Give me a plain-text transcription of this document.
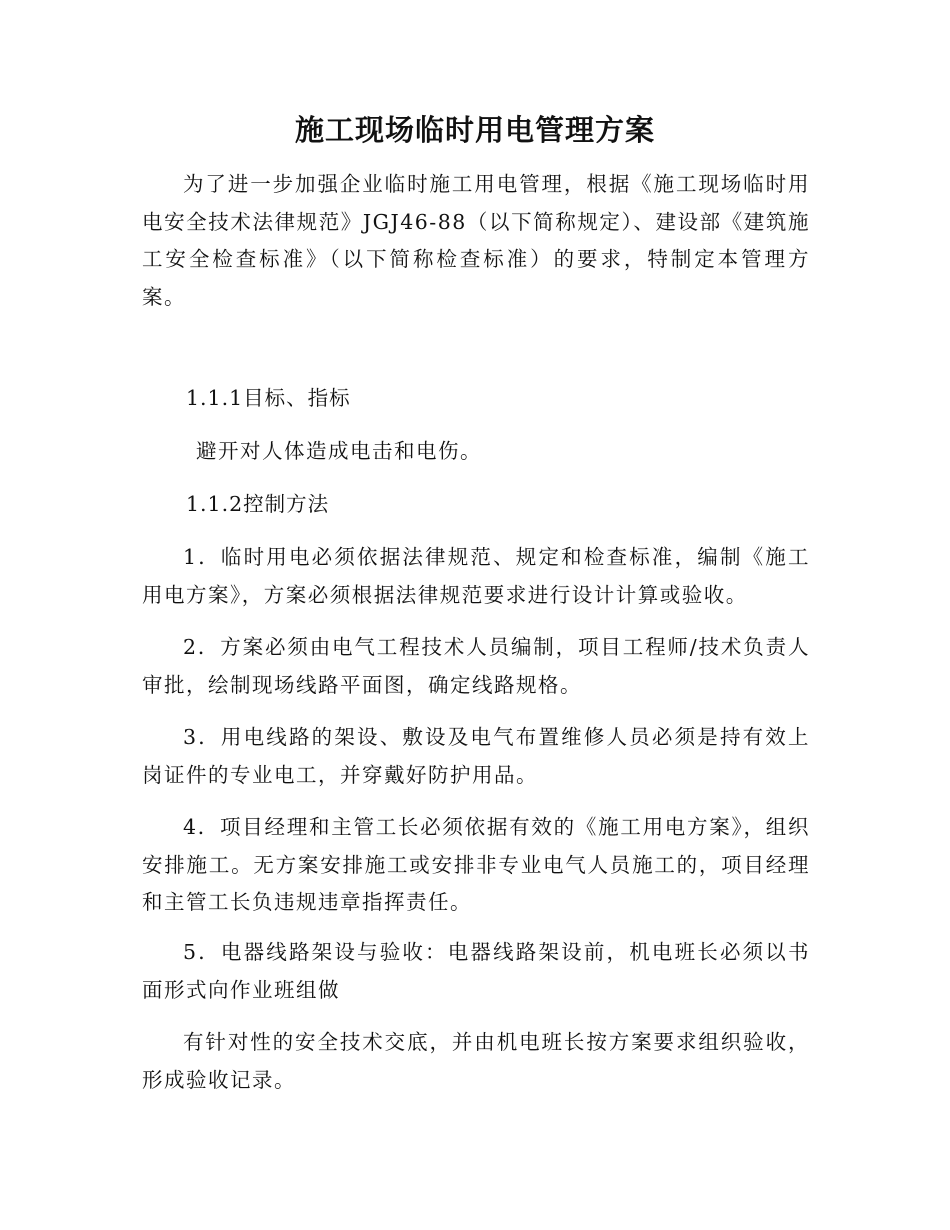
施工现场临时用电管理方案

为了进一步加强企业临时施工用电管理，根据《施工现场临时用电安全技术法律规范》JGJ46-88（以下简称规定）、建设部《建筑施工安全检查标准》（以下简称检查标准）的要求，特制定本管理方案。

1.1.1目标、指标

避开对人体造成电击和电伤。

1.1.2控制方法

1．临时用电必须依据法律规范、规定和检查标准，编制《施工用电方案》，方案必须根据法律规范要求进行设计计算或验收。

2．方案必须由电气工程技术人员编制，项目工程师/技术负责人审批，绘制现场线路平面图，确定线路规格。

3．用电线路的架设、敷设及电气布置维修人员必须是持有效上岗证件的专业电工，并穿戴好防护用品。

4．项目经理和主管工长必须依据有效的《施工用电方案》，组织安排施工。无方案安排施工或安排非专业电气人员施工的，项目经理和主管工长负违规违章指挥责任。

5．电器线路架设与验收：电器线路架设前，机电班长必须以书面形式向作业班组做

有针对性的安全技术交底，并由机电班长按方案要求组织验收，形成验收记录。
